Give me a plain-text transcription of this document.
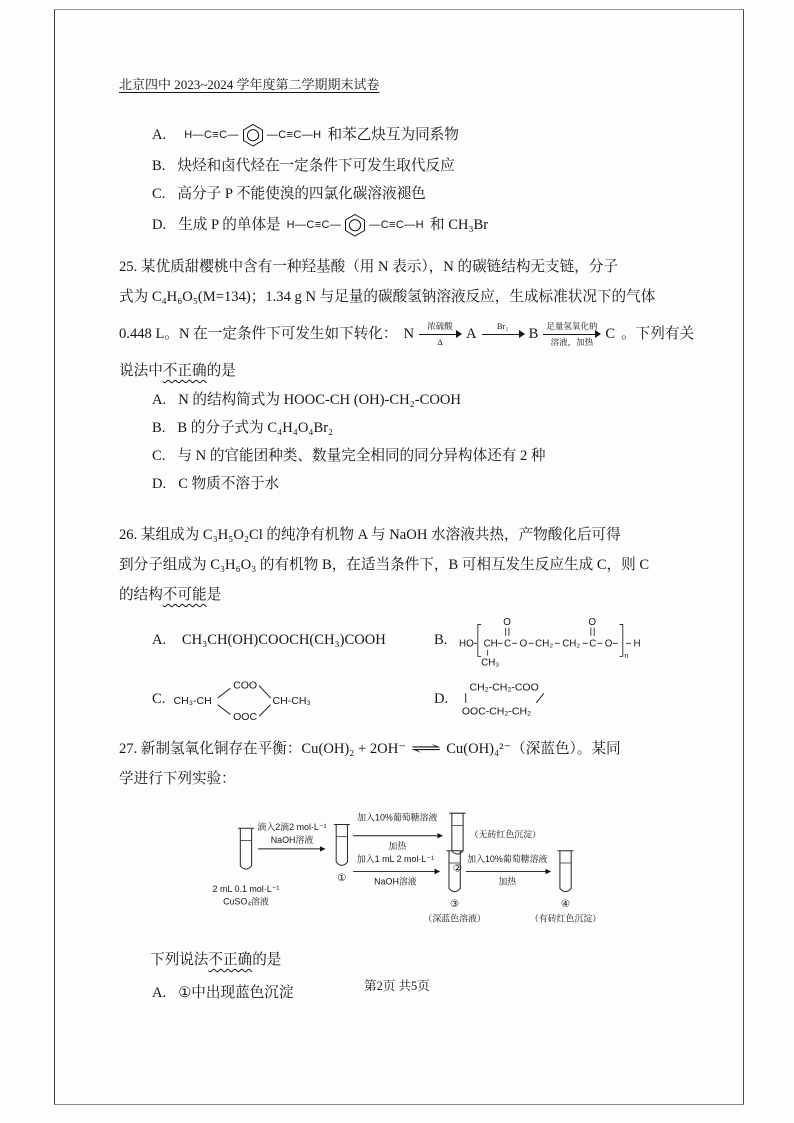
北京四中 2023~2024 学年度第二学期期末试卷
A. H—C≡C—	—C≡C—H 和苯乙炔互为同系物
B. 炔烃和卤代烃在一定条件下可发生取代反应
C. 高分子 P 不能使溴的四氯化碳溶液褪色
D. 生成 P 的单体是 H—C≡C—	—C≡C—H 和 CH₃Br
25. 某优质甜樱桃中含有一种羟基酸（用 N 表示），N 的碳链结构无支链，分子
式为 C₄H₆O₅(M=134)；1.34 g N 与足量的碳酸氢钠溶液反应，生成标准状况下的气体
0.448 L。N 在一定条件下可发生如下转化： N
浓硫酸
Δ A
Br₂
B
足量氢氧化钠
溶液，加热 C 。下列有关
说法中不正确的是
A. N 的结构简式为 HOOC-CH (OH)-CH₂-COOH
B. B 的分子式为 C₄H₄O₄Br₂
C. 与 N 的官能团种类、数量完全相同的同分异构体还有 2 种
D. C 物质不溶于水
26. 某组成为 C₃H₅O₂Cl 的纯净有机物 A 与 NaOH 水溶液共热，产物酸化后可得
到分子组成为 C₃H₆O₃ 的有机物 B，在适当条件下，B 可相互发生反应生成 C，则 C
的结构不可能是
A. CH₃CH(OH)COOCH(CH₃)COOH	B. HO CH
CH₃
C
O
O CH₂ CH₂ C
O
O
n
H
C. CH₃-CH
COO
OOC
CH-CH₃	D.
CH₂-CH₂-COO
OOC-CH₂-CH₂
27. 新制氢氧化铜存在平衡：Cu(OH)₂ + 2OH⁻ ⇌ Cu(OH)₄²⁻（深蓝色）。某同
学进行下列实验：
2 mL 0.1 mol·L⁻¹
CuSO₄溶液
滴入2滴2 mol·L⁻¹
NaOH溶液
①
加入10%葡萄糖溶液
加热
②
（无砖红色沉淀）
加入1 mL 2 mol·L⁻¹
NaOH溶液
③
（深蓝色溶液）
加入10%葡萄糖溶液
加热
④
（有砖红色沉淀）
下列说法不正确的是
A. ①中出现蓝色沉淀	第2页 共5页
